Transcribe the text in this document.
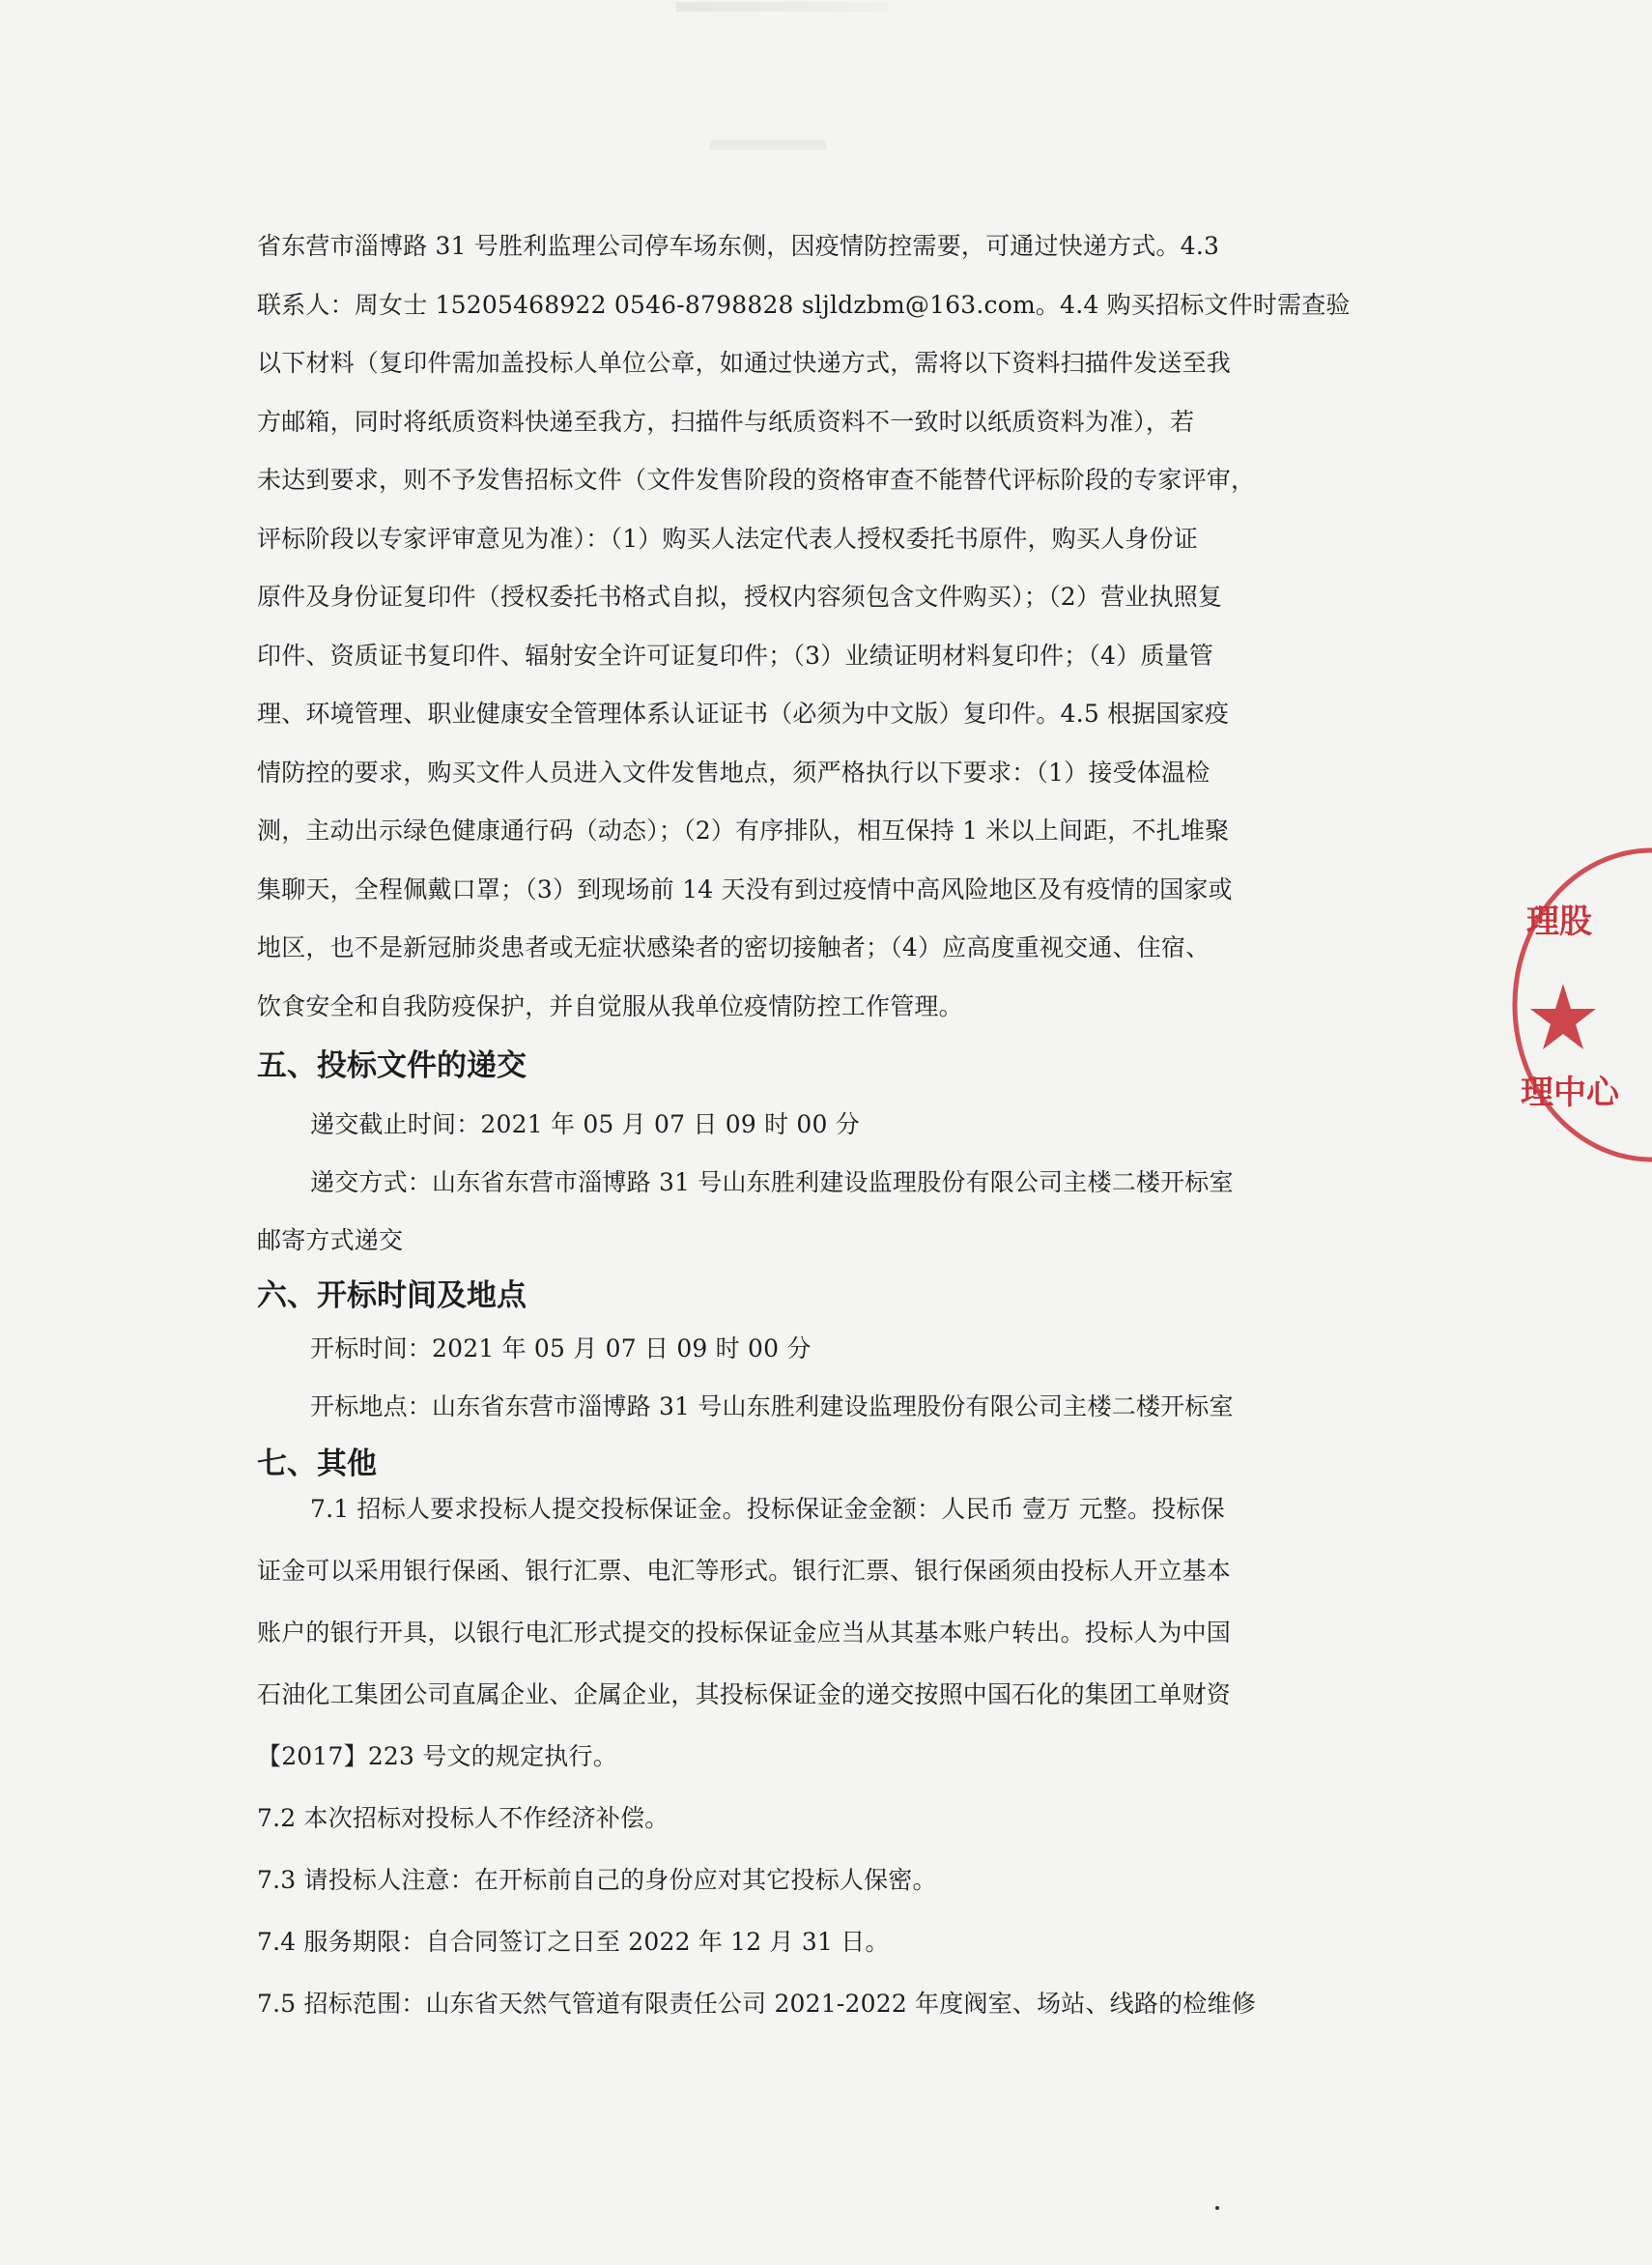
省东营市淄博路 31 号胜利监理公司停车场东侧，因疫情防控需要，可通过快递方式。4.3

联系人：周女士 15205468922 0546-8798828 sljldzbm@163.com。4.4 购买招标文件时需查验

以下材料（复印件需加盖投标人单位公章，如通过快递方式，需将以下资料扫描件发送至我

方邮箱，同时将纸质资料快递至我方，扫描件与纸质资料不一致时以纸质资料为准），若

未达到要求，则不予发售招标文件（文件发售阶段的资格审查不能替代评标阶段的专家评审，

评标阶段以专家评审意见为准）：（1）购买人法定代表人授权委托书原件，购买人身份证

原件及身份证复印件（授权委托书格式自拟，授权内容须包含文件购买）；（2）营业执照复

印件、资质证书复印件、辐射安全许可证复印件；（3）业绩证明材料复印件；（4）质量管

理、环境管理、职业健康安全管理体系认证证书（必须为中文版）复印件。4.5 根据国家疫

情防控的要求，购买文件人员进入文件发售地点，须严格执行以下要求：（1）接受体温检

测，主动出示绿色健康通行码（动态）；（2）有序排队，相互保持 1 米以上间距，不扎堆聚

集聊天，全程佩戴口罩；（3）到现场前 14 天没有到过疫情中高风险地区及有疫情的国家或

地区，也不是新冠肺炎患者或无症状感染者的密切接触者；（4）应高度重视交通、住宿、

饮食安全和自我防疫保护，并自觉服从我单位疫情防控工作管理。

五、投标文件的递交

递交截止时间：2021 年 05 月 07 日 09 时 00 分

递交方式：山东省东营市淄博路 31 号山东胜利建设监理股份有限公司主楼二楼开标室

邮寄方式递交

六、开标时间及地点

开标时间：2021 年 05 月 07 日 09 时 00 分

开标地点：山东省东营市淄博路 31 号山东胜利建设监理股份有限公司主楼二楼开标室

七、其他

7.1 招标人要求投标人提交投标保证金。投标保证金金额：人民币 壹万 元整。投标保

证金可以采用银行保函、银行汇票、电汇等形式。银行汇票、银行保函须由投标人开立基本

账户的银行开具，以银行电汇形式提交的投标保证金应当从其基本账户转出。投标人为中国

石油化工集团公司直属企业、企属企业，其投标保证金的递交按照中国石化的集团工单财资

【2017】223 号文的规定执行。

7.2 本次招标对投标人不作经济补偿。

7.3 请投标人注意：在开标前自己的身份应对其它投标人保密。

7.4 服务期限：自合同签订之日至 2022 年 12 月 31 日。

7.5 招标范围：山东省天然气管道有限责任公司 2021-2022 年度阀室、场站、线路的检维修

理股
理中心
